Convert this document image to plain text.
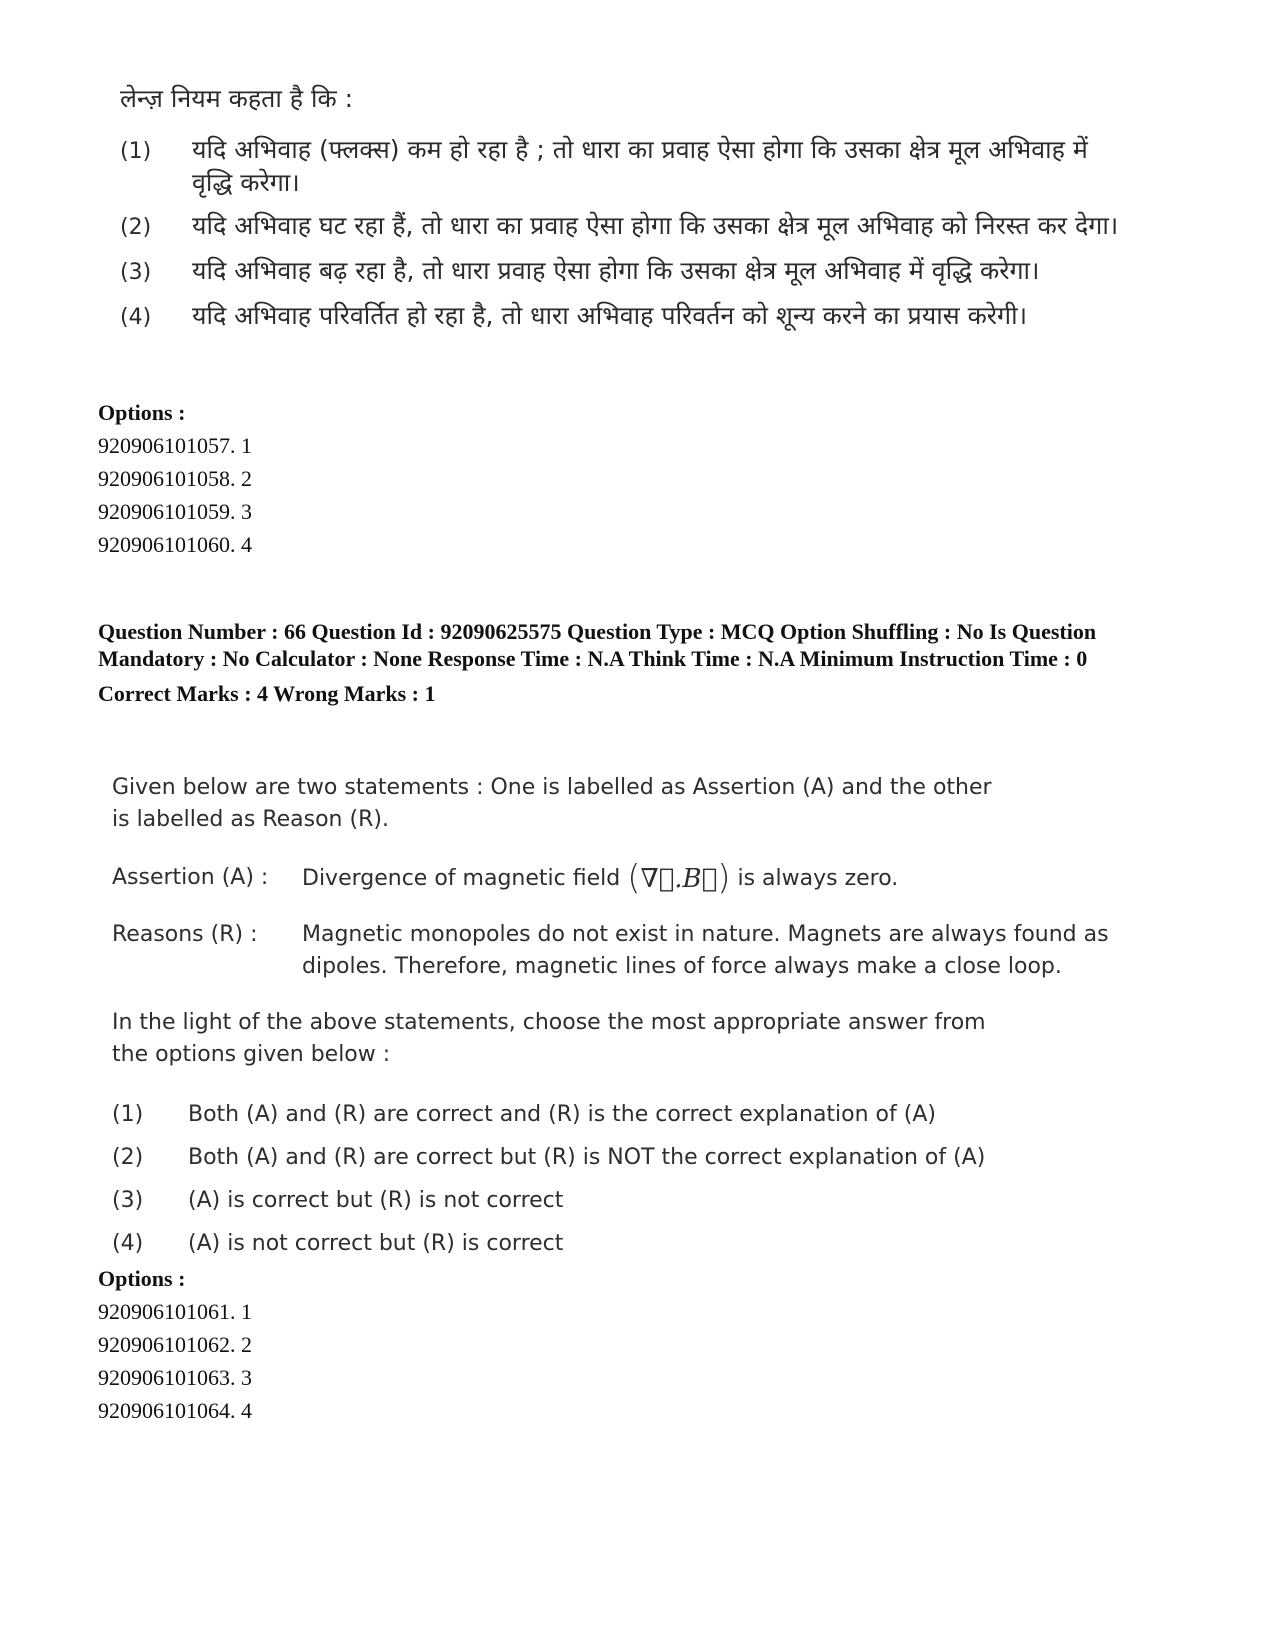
लेन्ज़ नियम कहता है कि :
(1)	यदि अभिवाह (फ्लक्स) कम हो रहा है ; तो धारा का प्रवाह ऐसा होगा कि उसका क्षेत्र मूल अभिवाह में वृद्धि करेगा।
(2)	यदि अभिवाह घट रहा हैं, तो धारा का प्रवाह ऐसा होगा कि उसका क्षेत्र मूल अभिवाह को निरस्त कर देगा।
(3)	यदि अभिवाह बढ़ रहा है, तो धारा प्रवाह ऐसा होगा कि उसका क्षेत्र मूल अभिवाह में वृद्धि करेगा।
(4)	यदि अभिवाह परिवर्तित हो रहा है, तो धारा अभिवाह परिवर्तन को शून्य करने का प्रयास करेगी।
Options :
920906101057. 1
920906101058. 2
920906101059. 3
920906101060. 4
Question Number : 66 Question Id : 92090625575 Question Type : MCQ Option Shuffling : No Is Question Mandatory : No Calculator : None Response Time : N.A Think Time : N.A Minimum Instruction Time : 0
Correct Marks : 4 Wrong Marks : 1
Given below are two statements : One is labelled as Assertion (A) and the other is labelled as Reason (R).
Assertion (A) :	Divergence of magnetic field (∇⃗.B⃗) is always zero.
Reasons (R) :	Magnetic monopoles do not exist in nature. Magnets are always found as dipoles. Therefore, magnetic lines of force always make a close loop.
In the light of the above statements, choose the most appropriate answer from the options given below :
(1)	Both (A) and (R) are correct and (R) is the correct explanation of (A)
(2)	Both (A) and (R) are correct but (R) is NOT the correct explanation of (A)
(3)	(A) is correct but (R) is not correct
(4)	(A) is not correct but (R) is correct
Options :
920906101061. 1
920906101062. 2
920906101063. 3
920906101064. 4
